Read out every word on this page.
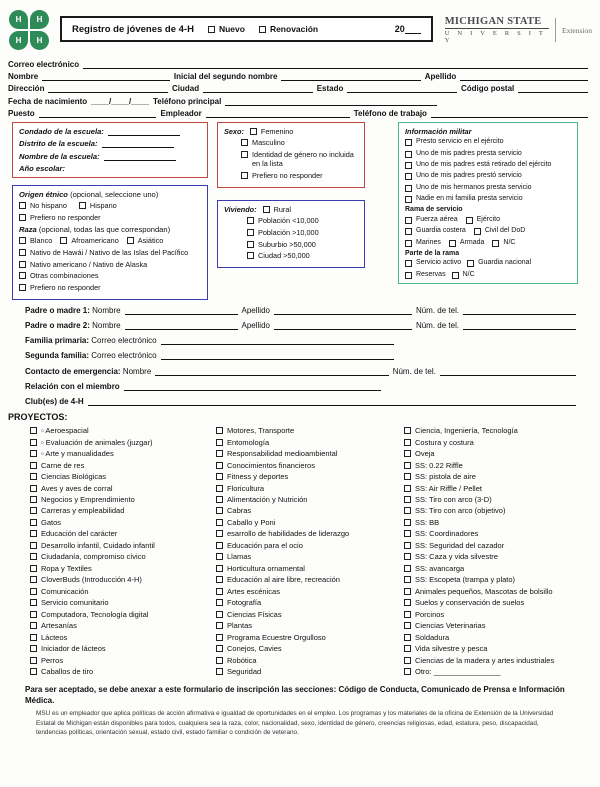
H H
H H
Registro de jóvenes de 4-H	Nuevo	Renovación	20
MICHIGAN STATE
U N I V E R S I T Y
Extension
Correo electrónico
Nombre	Inicial del segundo nombre	Apellido
Dirección	Ciudad	Estado	Código postal
Fecha de nacimiento ____/____/____ Teléfono principal
Puesto	Empleador	Teléfono de trabajo
Condado de la escuela:
Distrito de la escuela:
Nombre de la escuela:
Año escolar:
Origen étnico (opcional, seleccione uno)
No hispano	Hispano
Prefiero no responder
Raza (opcional, todas las que correspondan)
Blanco	Afroamericano	Asiático
Nativo de Hawái / Nativo de las Islas del Pacífico
Nativo americano / Nativo de Alaska
Otras combinaciones
Prefiero no responder
Sexo: Femenino
Masculino
Identidad de género no incluida en la lista
Prefiero no responder
Viviendo: Rural
Población <10,000
Población >10,000
Suburbio >50,000
Ciudad >50,000
Información militar
Presto servicio en el ejército
Uno de mis padres presta servicio
Uno de mis padres está retirado del ejército
Uno de mis padres prestó servicio
Uno de mis hermanos presta servicio
Nadie en mi familia presta servicio
Rama de servicio
Fuerza aérea	Ejército
Guardia costera	Civil del DoD
Marines	Armada	N/C
Parte de la rama
Servicio activo Guardia nacional
Reservas N/C
Padre o madre 1:
Nombre	Apellido	Núm. de tel.
Padre o madre 2:
Nombre	Apellido	Núm. de tel.
Familia primaria:
Correo electrónico
Segunda familia:
Correo electrónico
Contacto de emergencia:
Nombre	Núm. de tel.
Relación con el miembro
Club(es) de 4-H
PROYECTOS:
▫ Aeroespacial
▫ Evaluación de animales (juzgar)
▫ Arte y manualidades
Carne de res
Ciencias Biológicas
Aves y aves de corral
Negocios y Emprendimiento
Carreras y empleabilidad
Gatos
Educación del carácter
Desarrollo infantil, Cuidado infantil
Ciudadanía, compromiso cívico
Ropa y Textiles
CloverBuds (Introducción 4-H)
Comunicación
Servicio comunitario
Computadora, Tecnología digital
Artesanías
Lácteos
Iniciador de lácteos
Perros
Caballos de tiro
Motores, Transporte
Entomología
Responsabilidad medioambiental
Conocimientos financieros
Fitness y deportes
Floricultura
Alimentación y Nutrición
Cabras
Caballo y Poni
esarrollo de habilidades de liderazgo
Educación para el ocio
Llamas
Horticultura ornamental
Educación al aire libre, recreación
Artes escénicas
Fotografía
Ciencias Físicas
Plantas
Programa Ecuestre Orgulloso
Conejos, Cavies
Robótica
Seguridad
Ciencia, Ingeniería, Tecnología
Costura y costura
Oveja
SS: 0.22 Riffle
SS: pistola de aire
SS: Air Riffle / Pellet
SS: Tiro con arco (3-D)
SS: Tiro con arco (objetivo)
SS: BB
SS: Coordinadores
SS: Seguridad del cazador
SS: Caza y vida silvestre
SS: avancarga
SS: Escopeta (trampa y plato)
Animales pequeños, Mascotas de bolsillo
Suelos y conservación de suelos
Porcinos
Ciencias Veterinarias
Soldadura
Vida silvestre y pesca
Ciencias de la madera y artes industriales
Otro: ________________
Para ser aceptado, se debe anexar a este formulario de inscripción las secciones: Código de Conducta, Comunicado de Prensa e Información Médica.
MSU es un empleador que aplica políticas de acción afirmativa e igualdad de oportunidades en el empleo. Los programas y los materiales de la oficina de Extensión de la Universidad Estatal de Michigan están disponibles para todos, cualquiera sea la raza, color, nacionalidad, sexo, identidad de género, creencias religiosas, edad, estatura, peso, discapacidad, tendencias políticas, orientación sexual, estado civil, estado familiar o condición de veterano.
